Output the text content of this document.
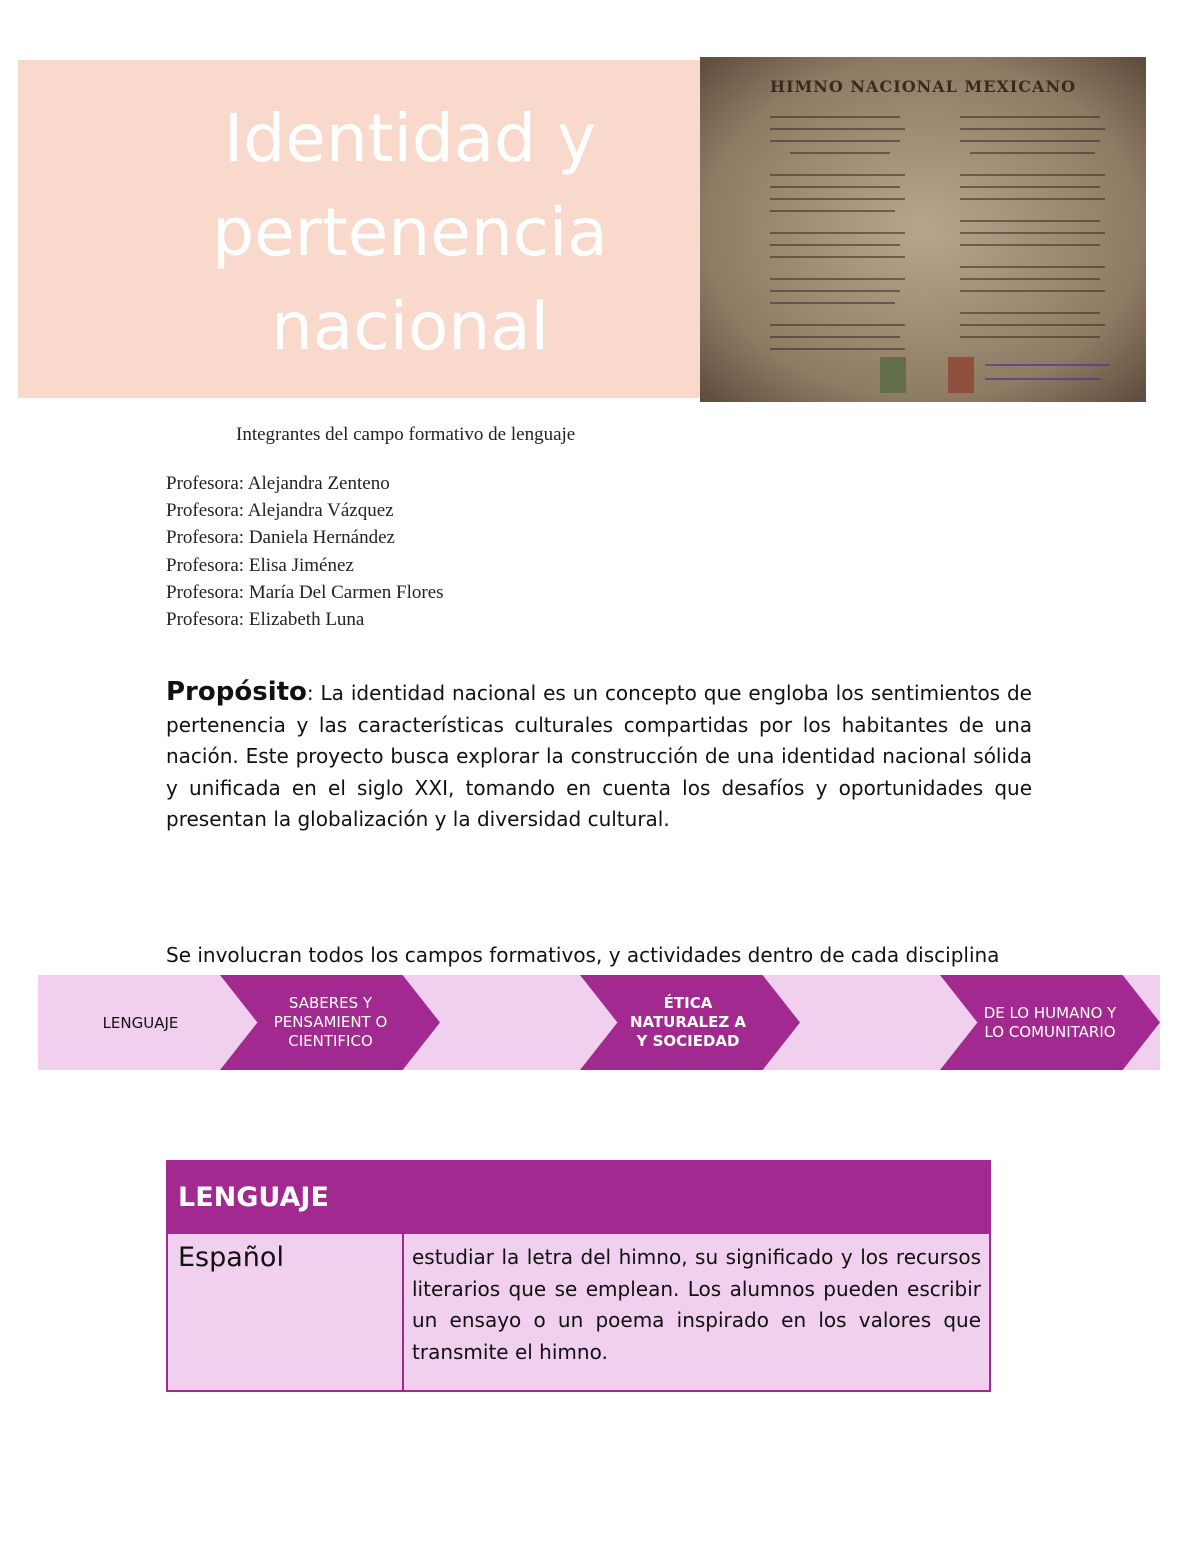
Identidad y pertenencia nacional
HIMNO NACIONAL MEXICANO
Integrantes del campo formativo de lenguaje
Profesora: Alejandra Zenteno
Profesora: Alejandra Vázquez
Profesora: Daniela Hernández
Profesora: Elisa Jiménez
Profesora: María Del Carmen Flores
Profesora: Elizabeth Luna

Propósito: La identidad nacional es un concepto que engloba los sentimientos de pertenencia y las características culturales compartidas por los habitantes de una nación. Este proyecto busca explorar la construcción de una identidad nacional sólida y unificada en el siglo XXI, tomando en cuenta los desafíos y oportunidades que presentan la globalización y la diversidad cultural.

Se involucran todos los campos formativos, y actividades dentro de cada disciplina

LENGUAJE
SABERES Y PENSAMIENT O CIENTIFICO
ÉTICA NATURALEZ A Y SOCIEDAD
DE LO HUMANO Y LO COMUNITARIO
LENGUAJE
Español	estudiar la letra del himno, su significado y los recursos literarios que se emplean. Los alumnos pueden escribir un ensayo o un poema inspirado en los valores que transmite el himno.
